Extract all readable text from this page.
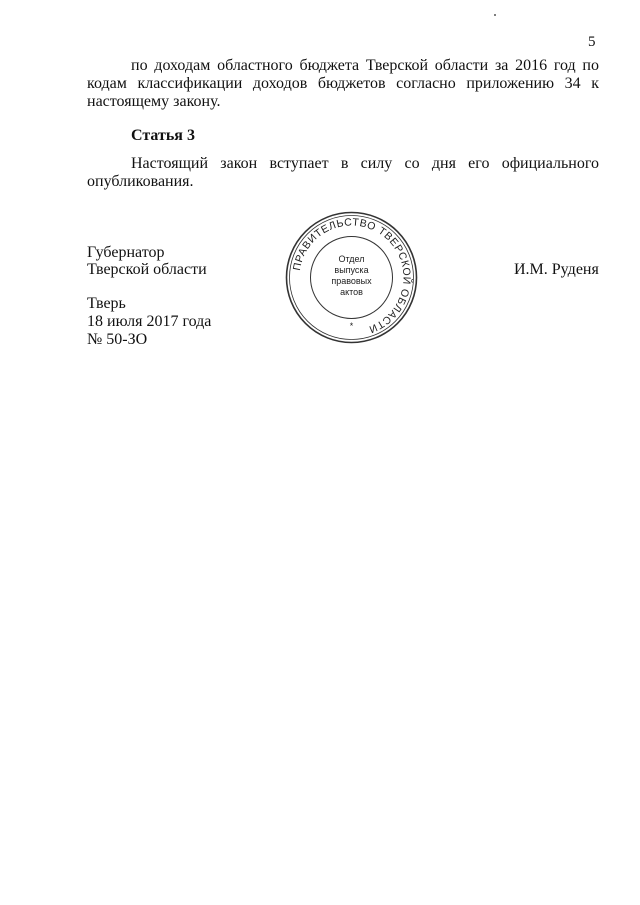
5
по доходам областного бюджета Тверской области за 2016 год по
кодам классификации доходов бюджетов согласно приложению 34 к
настоящему закону.
Статья 3
Настоящий закон вступает в силу со дня его официального
опубликования.
Губернатор
Тверской области	И.М. Руденя
Тверь
18 июля 2017 года
№ 50-ЗО
ПРАВИТЕЛЬСТВО ТВЕРСКОЙ ОБЛАСТИ
Отдел
выпуска
правовых
актов
*
